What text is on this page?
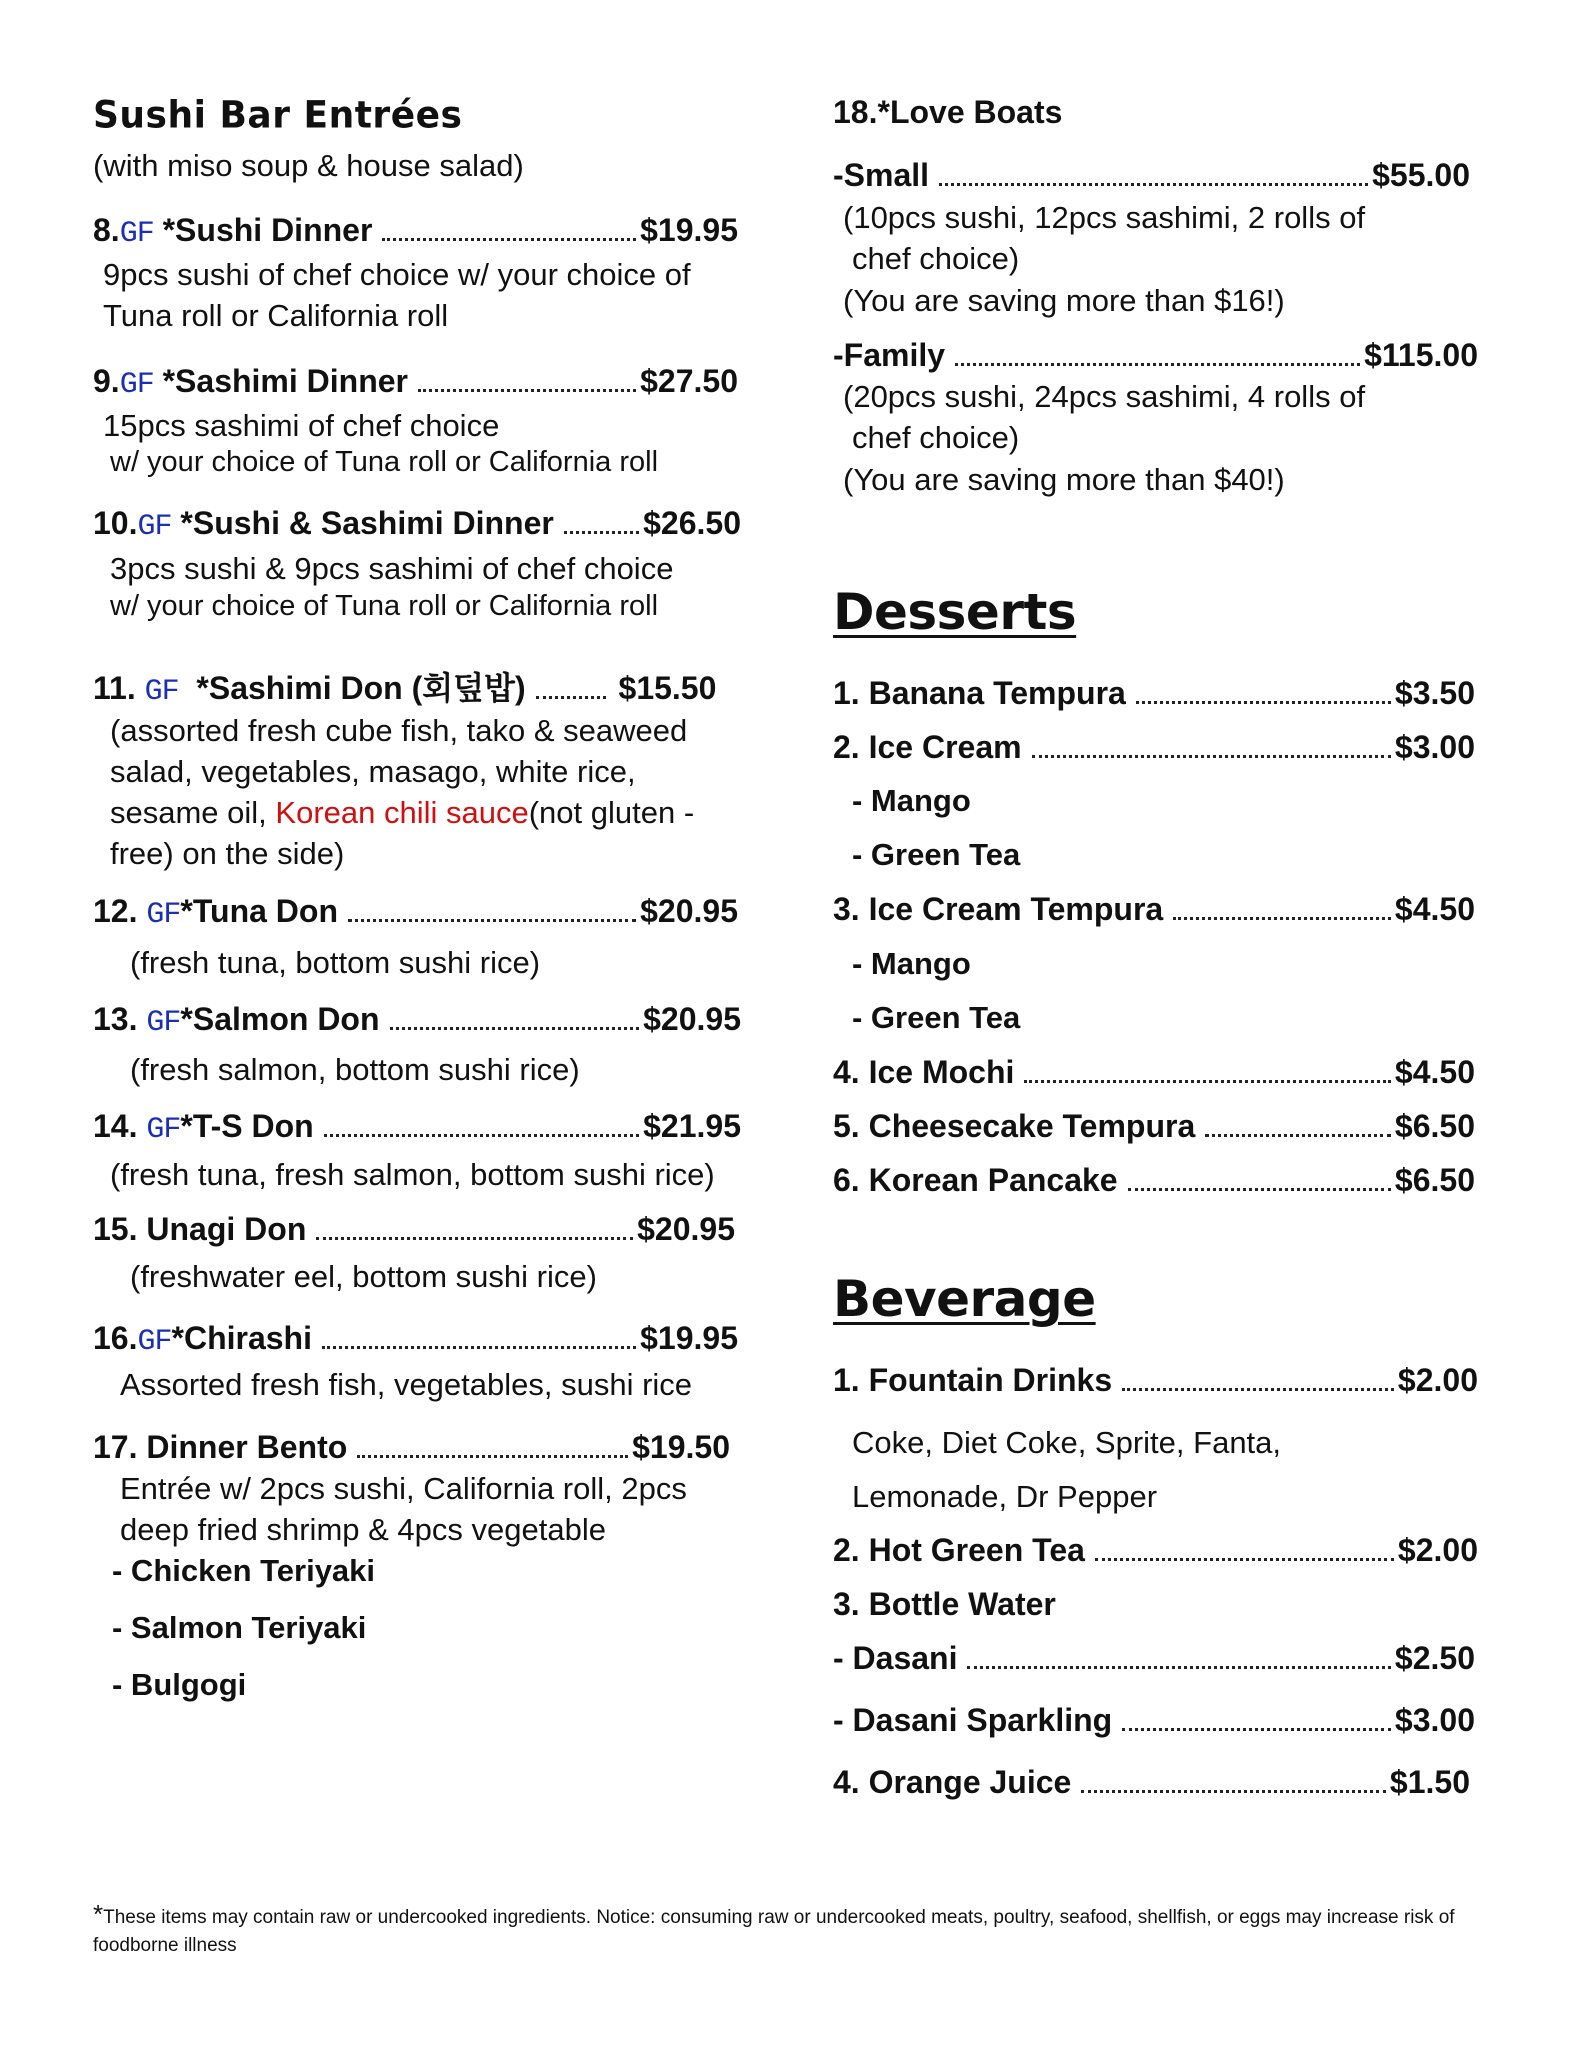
Sushi Bar Entrées
(with miso soup & house salad)
8. GF
*Sushi Dinner	$19.95
9pcs sushi of chef choice w/ your choice of Tuna roll or California roll
9. GF
*Sashimi Dinner	$27.50
15pcs sashimi of chef choice
w/ your choice of Tuna roll or California roll
10. GF
*Sushi & Sashimi Dinner	$26.50
3pcs sushi & 9pcs sashimi of chef choice
w/ your choice of Tuna roll or California roll
11.
GF
*Sashimi Don (회덮밥)
	$15.50
(assorted fresh cube fish, tako & seaweed salad, vegetables, masago, white rice, sesame oil, Korean chili sauce(not gluten -free) on the side)
12.
GF *Tuna Don	$20.95
(fresh tuna, bottom sushi rice)
13.
GF *Salmon Don	$20.95
(fresh salmon, bottom sushi rice)
14.
GF *T-S Don	$21.95
(fresh tuna, fresh salmon, bottom sushi rice)
15.
Unagi Don	$20.95
(freshwater eel, bottom sushi rice)
16. GF *Chirashi	$19.95
Assorted fresh fish, vegetables, sushi rice
17.
Dinner Bento	$19.50
Entrée w/ 2pcs sushi, California roll, 2pcs deep fried shrimp & 4pcs vegetable
- Chicken Teriyaki
- Salmon Teriyaki
- Bulgogi
18.*Love Boats
-Small	$55.00
(10pcs sushi, 12pcs sashimi, 2 rolls of
chef choice)
(You are saving more than $16!)
-Family	$115.00
(20pcs sushi, 24pcs sashimi, 4 rolls of
chef choice)
(You are saving more than $40!)
Desserts
1. Banana Tempura	$3.50
2. Ice Cream	$3.00
- Mango
- Green Tea
3. Ice Cream Tempura	$4.50
- Mango
- Green Tea
4. Ice Mochi	$4.50
5. Cheesecake Tempura	$6.50
6. Korean Pancake	$6.50
Beverage
1. Fountain Drinks	$2.00
Coke, Diet Coke, Sprite, Fanta,
Lemonade, Dr Pepper
2. Hot Green Tea	$2.00
3. Bottle Water
- Dasani	$2.50
- Dasani Sparkling	$3.00
4. Orange Juice	$1.50
*These items may contain raw or undercooked ingredients. Notice: consuming raw or undercooked meats, poultry, seafood, shellfish, or eggs may increase risk of foodborne illness
